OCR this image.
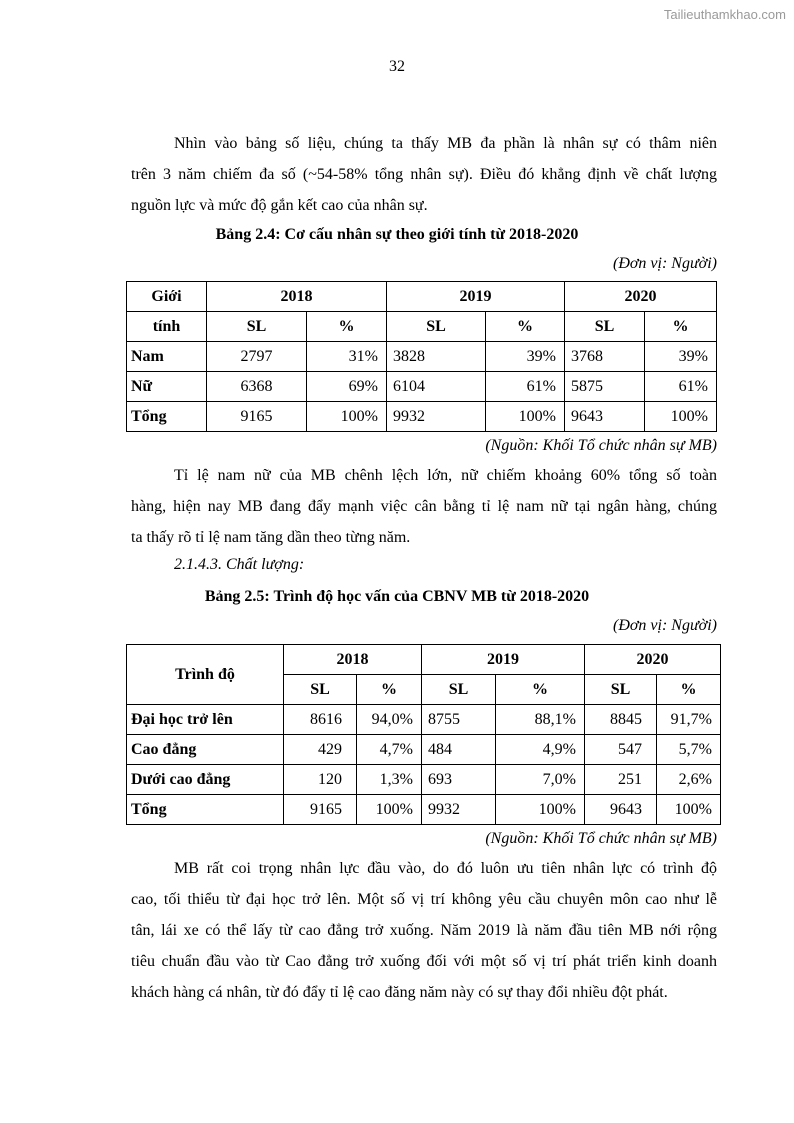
Tailieuthamkhao.com
32

Nhìn vào bảng số liệu, chúng ta thấy MB đa phần là nhân sự có thâm niên
trên 3 năm chiếm đa số (~54-58% tổng nhân sự). Điều đó khẳng định về chất lượng
nguồn lực và mức độ gắn kết cao của nhân sự.

Bảng 2.4: Cơ cấu nhân sự theo giới tính từ 2018-2020
(Đơn vị: Người)
Giới	2018		2019		2020	
tính	SL	%	SL	%	SL	%
Nam	2797	31%	3828	39%	3768	39%
Nữ	6368	69%	6104	61%	5875	61%
Tổng	9165	100%	9932	100%	9643	100%
(Nguồn: Khối Tổ chức nhân sự MB)

Tỉ lệ nam nữ của MB chênh lệch lớn, nữ chiếm khoảng 60% tổng số toàn
hàng, hiện nay MB đang đẩy mạnh việc cân bằng tỉ lệ nam nữ tại ngân hàng, chúng
ta thấy rõ tỉ lệ nam tăng dần theo từng năm.

2.1.4.3. Chất lượng:
Bảng 2.5: Trình độ học vấn của CBNV MB từ 2018-2020
(Đơn vị: Người)
Trình độ	2018		2019		2020	
	SL	%	SL	%	SL	%
Đại học trở lên	8616	94,0%	8755	88,1%	8845	91,7%
Cao đẳng	429	4,7%	484	4,9%	547	5,7%
Dưới cao đẳng	120	1,3%	693	7,0%	251	2,6%
Tổng	9165	100%	9932	100%	9643	100%
(Nguồn: Khối Tổ chức nhân sự MB)

MB rất coi trọng nhân lực đầu vào, do đó luôn ưu tiên nhân lực có trình độ
cao, tối thiểu từ đại học trở lên. Một số vị trí không yêu cầu chuyên môn cao như lễ
tân, lái xe có thể lấy từ cao đẳng trở xuống. Năm 2019 là năm đầu tiên MB nới rộng
tiêu chuẩn đầu vào từ Cao đẳng trở xuống đối với một số vị trí phát triển kinh doanh
khách hàng cá nhân, từ đó đẩy tỉ lệ cao đăng năm này có sự thay đổi nhiều đột phát.
